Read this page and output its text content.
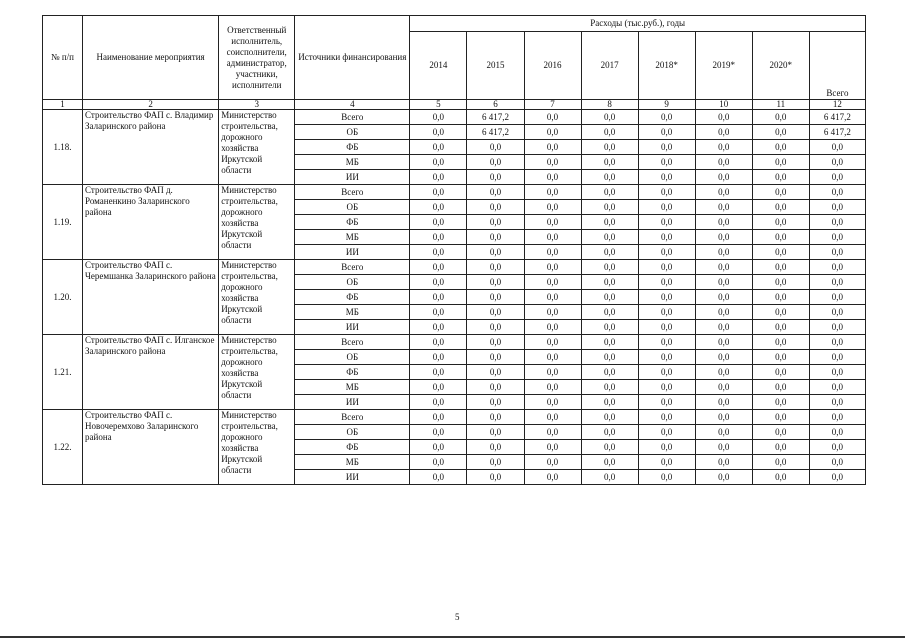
№ п/п	Наименование мероприятия	Ответственный исполнитель, соисполнители, администратор, участники, исполнители	Источники финансирования	Расходы (тыс.руб.), годы							
				2014	2015	2016	2017	2018*	2019*	2020*	Всего
1	2	3	4	5	6	7	8	9	10	11	12
1.18.	Строительство ФАП с. Владимир Заларинского района	Министерство строительства, дорожного хозяйства Иркутской области	Всего	0,0	6 417,2	0,0	0,0	0,0	0,0	0,0	6 417,2
			ОБ	0,0	6 417,2	0,0	0,0	0,0	0,0	0,0	6 417,2
			ФБ	0,0	0,0	0,0	0,0	0,0	0,0	0,0	0,0
			МБ	0,0	0,0	0,0	0,0	0,0	0,0	0,0	0,0
			ИИ	0,0	0,0	0,0	0,0	0,0	0,0	0,0	0,0
1.19.	Строительство ФАП д. Романенкино Заларинского района	Министерство строительства, дорожного хозяйства Иркутской области	Всего	0,0	0,0	0,0	0,0	0,0	0,0	0,0	0,0
			ОБ	0,0	0,0	0,0	0,0	0,0	0,0	0,0	0,0
			ФБ	0,0	0,0	0,0	0,0	0,0	0,0	0,0	0,0
			МБ	0,0	0,0	0,0	0,0	0,0	0,0	0,0	0,0
			ИИ	0,0	0,0	0,0	0,0	0,0	0,0	0,0	0,0
1.20.	Строительство ФАП с. Черемшанка Заларинского района	Министерство строительства, дорожного хозяйства Иркутской области	Всего	0,0	0,0	0,0	0,0	0,0	0,0	0,0	0,0
			ОБ	0,0	0,0	0,0	0,0	0,0	0,0	0,0	0,0
			ФБ	0,0	0,0	0,0	0,0	0,0	0,0	0,0	0,0
			МБ	0,0	0,0	0,0	0,0	0,0	0,0	0,0	0,0
			ИИ	0,0	0,0	0,0	0,0	0,0	0,0	0,0	0,0
1.21.	Строительство ФАП с. Илганское Заларинского района	Министерство строительства, дорожного хозяйства Иркутской области	Всего	0,0	0,0	0,0	0,0	0,0	0,0	0,0	0,0
			ОБ	0,0	0,0	0,0	0,0	0,0	0,0	0,0	0,0
			ФБ	0,0	0,0	0,0	0,0	0,0	0,0	0,0	0,0
			МБ	0,0	0,0	0,0	0,0	0,0	0,0	0,0	0,0
			ИИ	0,0	0,0	0,0	0,0	0,0	0,0	0,0	0,0
1.22.	Строительство ФАП с. Новочеремхово Заларинского района	Министерство строительства, дорожного хозяйства Иркутской области	Всего	0,0	0,0	0,0	0,0	0,0	0,0	0,0	0,0
			ОБ	0,0	0,0	0,0	0,0	0,0	0,0	0,0	0,0
			ФБ	0,0	0,0	0,0	0,0	0,0	0,0	0,0	0,0
			МБ	0,0	0,0	0,0	0,0	0,0	0,0	0,0	0,0
			ИИ	0,0	0,0	0,0	0,0	0,0	0,0	0,0	0,0
5
